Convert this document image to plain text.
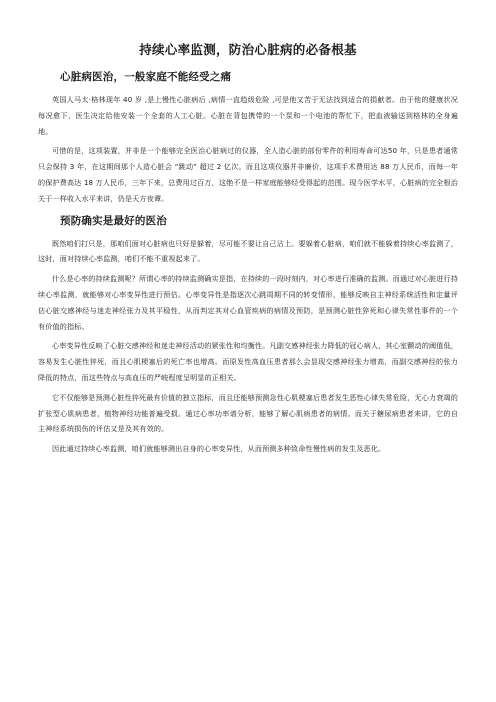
持续心率监测，防治心脏病的必备根基
心脏病医治，一般家庭不能经受之痛

英国人马太·格林现年 40 岁 ,是上慢性心脏病后 ,病情一直趋级危险 ,可是他又苦于无法找到适合的捐献者。由于他的健康状况每况愈下，医生决定给他安装一个全套的人工心脏。心脏在背包携带的一个泵和一个电池的帮忙下，把血液输送到格林的全身遍地。

可惜的是，这项装置，并非是一个能够完全医治心脏病过的仪器，全人造心脏的部份零件的利用寿命可达50 年，只是患者通常只会保持 3 年，在这期间那个人造心脏会 “跳动” 超过 2 亿次。而且这项仪器并非廉价，这项手术费用达 88 万人民币，而每一年的保护费高达 18 万人民币，三年下来，总费用过百万，这绝不是一样家庭能够经受得起的范围。现今医学水平，心脏病的完全根治关于一样收入水平来讲，仍是天方夜谭。

预防确实是最好的医治

既然咱们打只是，那咱们面对心脏病也只好是躲着，尽可能不要让自己沾上。要躲着心脏病，咱们就不能躲着持续心率监测了，这时，面对持续心率监测，咱们不能不重视起来了。

什么是心率的持续监测呢？所谓心率的持续监测确实是指，在持续的一段时刻内，对心率进行准确的监测。而通过对心脏进行持续心率监测，就能够对心率变异性进行预估。心率变异性是指逐次心跳周期不同的转变情形，能够反映自主神经系统活性和定量评估心脏交感神经与迷走神经张力及其平稳性，从而判定其对心血管疾病的病情及预防，是预测心脏性猝死和心律失常性事件的一个有价值的指标。

心率变异性反映了心脏交感神经和迷走神经活动的紧张性和均衡性。凡副交感神经张力降低的冠心病人，其心室颤动的阈值低，容易发生心脏性猝死，而且心肌梗塞后的死亡率也增高。而原发性高血压患者那么会显现交感神经张力增高，而副交感神经的张力降低的特点，而这些特点与高血压的严峻程度呈明显的正相关。

它不仅能够是预测心脏性猝死最有价值的独立指标，而且还能够预测急性心肌梗塞后患者发生恶性心律失常危险，无心力衰竭的扩张型心肌病患者，植物神经功能普遍受损。通过心率功率谱分析，能够了解心肌病患者的病情。而关于糖尿病患者来讲，它的自主神经系统损伤的评估又是及其有效的。

因此通过持续心率监测，咱们就能够测出自身的心率变异性，从而预测多种致命性慢性病的发生及恶化。
